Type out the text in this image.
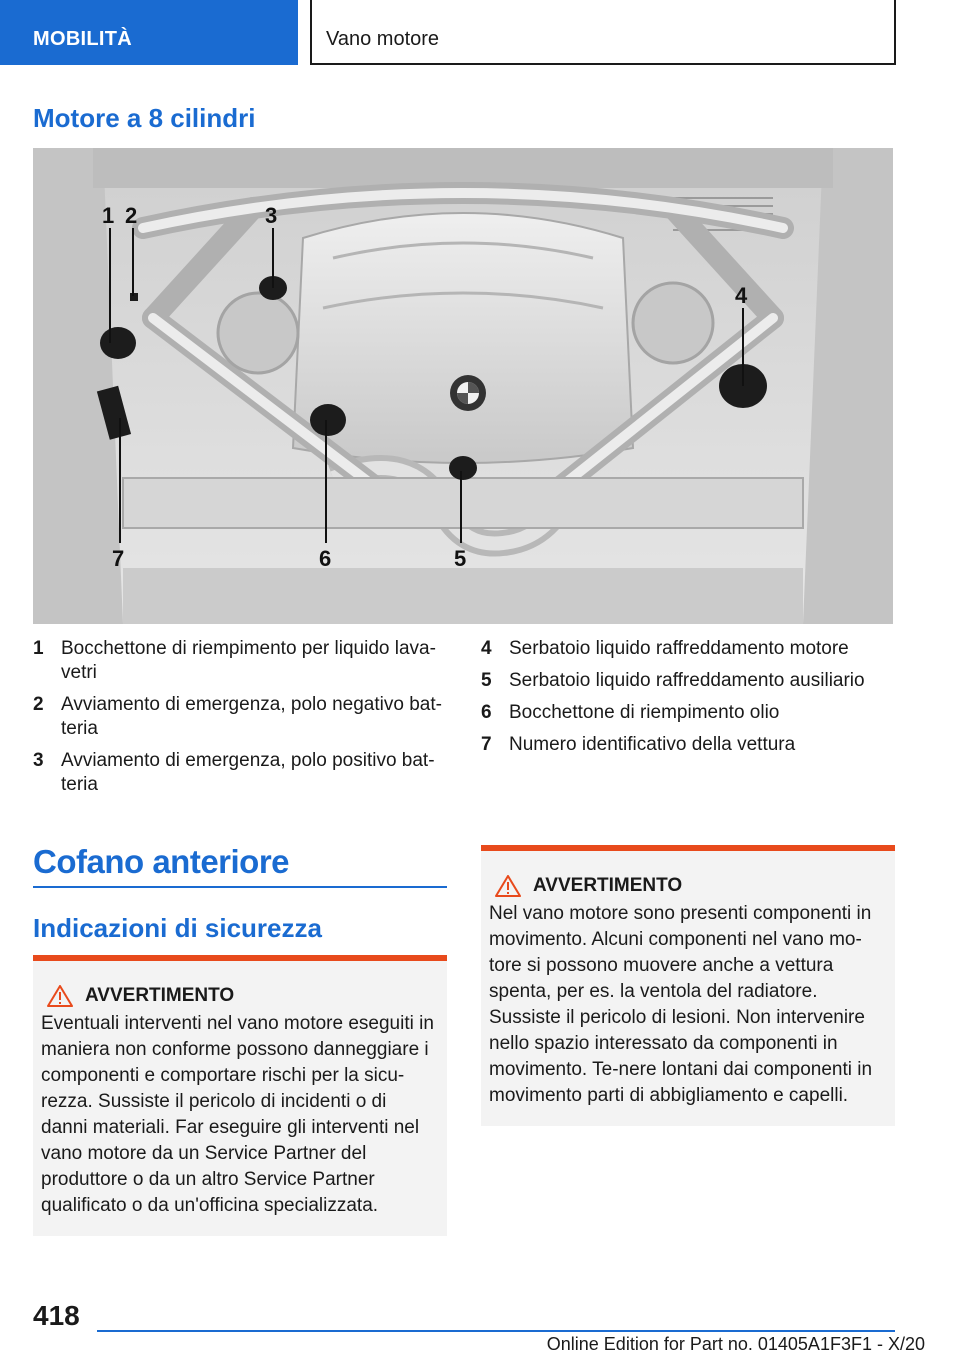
MOBILITÀ	Vano motore
Motore a 8 cilindri
1 2	3
4
5
6
7
1 Bocchettone di riempimento per liquido lava-vetri
2 Avviamento di emergenza, polo negativo bat-teria
3 Avviamento di emergenza, polo positivo bat-teria
4 Serbatoio liquido raffreddamento motore
5 Serbatoio liquido raffreddamento ausiliario
6 Bocchettone di riempimento olio
7 Numero identificativo della vettura
Cofano anteriore
Indicazioni di sicurezza
AVVERTIMENTO
Eventuali interventi nel vano motore eseguiti in maniera non conforme possono danneggiare i componenti e comportare rischi per la sicu-rezza. Sussiste il pericolo di incidenti o di danni materiali. Far eseguire gli interventi nel vano motore da un Service Partner del produttore o da un altro Service Partner qualificato o da un'officina specializzata.
AVVERTIMENTO
Nel vano motore sono presenti componenti in movimento. Alcuni componenti nel vano mo-tore si possono muovere anche a vettura spenta, per es. la ventola del radiatore. Sussiste il pericolo di lesioni. Non intervenire nello spazio interessato da componenti in movimento. Te-nere lontani dai componenti in movimento parti di abbigliamento e capelli.
418
Online Edition for Part no. 01405A1F3F1 - X/20
